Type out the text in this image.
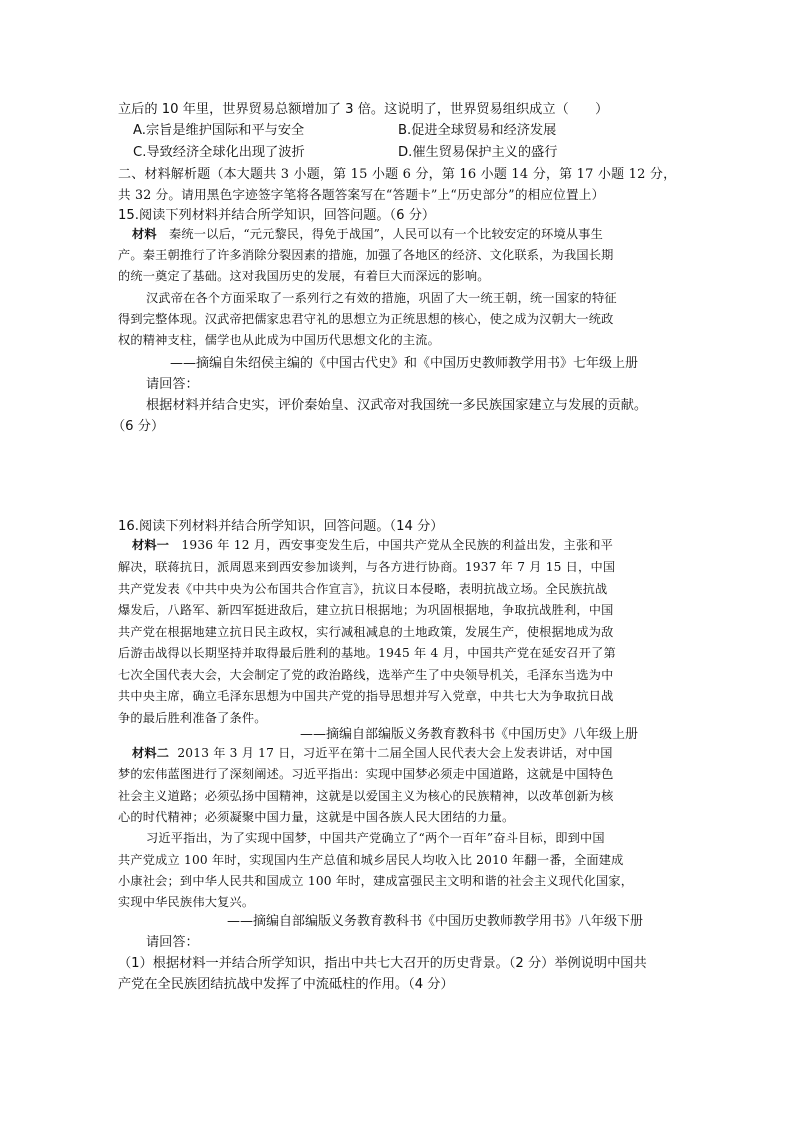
立后的 10 年里，世界贸易总额增加了 3 倍。这说明了，世界贸易组织成立（　　）
A.宗旨是维护国际和平与安全	B.促进全球贸易和经济发展
C.导致经济全球化出现了波折	D.催生贸易保护主义的盛行
二、材料解析题（本大题共 3 小题，第 15 小题 6 分，第 16 小题 14 分，第 17 小题 12 分，
共 32 分。请用黑色字迹签字笔将各题答案写在“答题卡”上“历史部分”的相应位置上）
15.阅读下列材料并结合所学知识，回答问题。（6 分）
材料 秦统一以后，“元元黎民，得免于战国”，人民可以有一个比较安定的环境从事生
产。秦王朝推行了许多消除分裂因素的措施，加强了各地区的经济、文化联系，为我国长期
的统一奠定了基础。这对我国历史的发展，有着巨大而深远的影响。
汉武帝在各个方面采取了一系列行之有效的措施，巩固了大一统王朝，统一国家的特征
得到完整体现。汉武帝把儒家忠君守礼的思想立为正统思想的核心，使之成为汉朝大一统政
权的精神支柱，儒学也从此成为中国历代思想文化的主流。
——摘编自朱绍侯主编的《中国古代史》和《中国历史教师教学用书》七年级上册
请回答：
根据材料并结合史实，评价秦始皇、汉武帝对我国统一多民族国家建立与发展的贡献。
（6 分）
16.阅读下列材料并结合所学知识，回答问题。（14 分）
材料一 1936 年 12 月，西安事变发生后，中国共产党从全民族的利益出发，主张和平
解决，联蒋抗日，派周恩来到西安参加谈判，与各方进行协商。1937 年 7 月 15 日，中国
共产党发表《中共中央为公布国共合作宣言》，抗议日本侵略，表明抗战立场。全民族抗战
爆发后，八路军、新四军挺进敌后，建立抗日根据地；为巩固根据地，争取抗战胜利，中国
共产党在根据地建立抗日民主政权，实行减租减息的土地政策，发展生产，使根据地成为敌
后游击战得以长期坚持并取得最后胜利的基地。1945 年 4 月，中国共产党在延安召开了第
七次全国代表大会，大会制定了党的政治路线，选举产生了中央领导机关，毛泽东当选为中
共中央主席，确立毛泽东思想为中国共产党的指导思想并写入党章，中共七大为争取抗日战
争的最后胜利准备了条件。
——摘编自部编版义务教育教科书《中国历史》八年级上册
材料二 2013 年 3 月 17 日，习近平在第十二届全国人民代表大会上发表讲话，对中国
梦的宏伟蓝图进行了深刻阐述。习近平指出：实现中国梦必须走中国道路，这就是中国特色
社会主义道路；必须弘扬中国精神，这就是以爱国主义为核心的民族精神，以改革创新为核
心的时代精神；必须凝聚中国力量，这就是中国各族人民大团结的力量。
习近平指出，为了实现中国梦，中国共产党确立了“两个一百年”奋斗目标，即到中国
共产党成立 100 年时，实现国内生产总值和城乡居民人均收入比 2010 年翻一番，全面建成
小康社会；到中华人民共和国成立 100 年时，建成富强民主文明和谐的社会主义现代化国家，
实现中华民族伟大复兴。
——摘编自部编版义务教育教科书《中国历史教师教学用书》八年级下册
请回答：
（1）根据材料一并结合所学知识，指出中共七大召开的历史背景。（2 分）举例说明中国共
产党在全民族团结抗战中发挥了中流砥柱的作用。（4 分）
